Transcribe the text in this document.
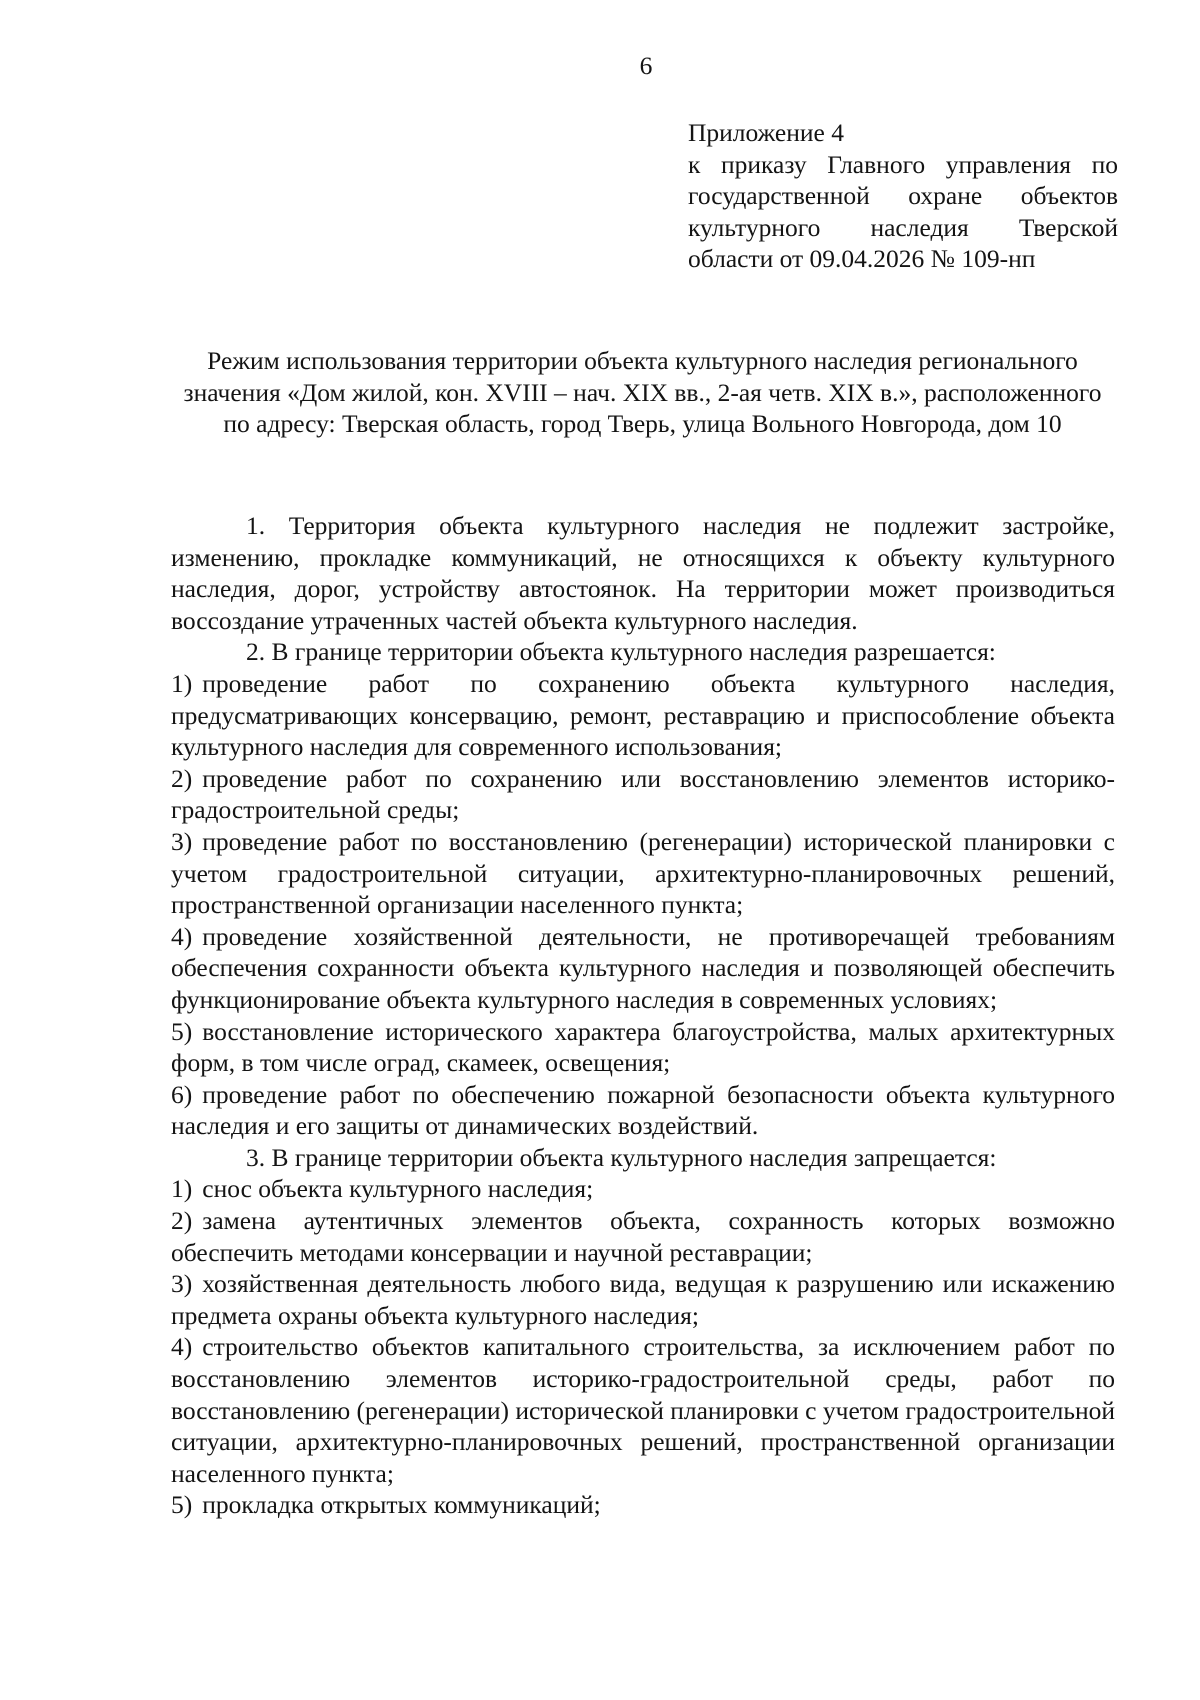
6
Приложение 4
к приказу Главного управления по
государственной охране объектов
культурного наследия Тверской
области от 09.04.2026 № 109-нп
Режим использования территории объекта культурного наследия регионального значения «Дом жилой, кон. XVIII – нач. XIX вв., 2-ая четв. XIX в.», расположенного по адресу: Тверская область, город Тверь, улица Вольного Новгорода, дом 10

1. Территория объекта культурного наследия не подлежит застройке, изменению, прокладке коммуникаций, не относящихся к объекту культурного наследия, дорог, устройству автостоянок. На территории может производиться воссоздание утраченных частей объекта культурного наследия.

2. В границе территории объекта культурного наследия разрешается:

1) проведение работ по сохранению объекта культурного наследия, предусматривающих консервацию, ремонт, реставрацию и приспособление объекта культурного наследия для современного использования;
2) проведение работ по сохранению или восстановлению элементов историко-градостроительной среды;
3) проведение работ по восстановлению (регенерации) исторической планировки с учетом градостроительной ситуации, архитектурно-планировочных решений, пространственной организации населенного пункта;
4) проведение хозяйственной деятельности, не противоречащей требованиям обеспечения сохранности объекта культурного наследия и позволяющей обеспечить функционирование объекта культурного наследия в современных условиях;
5) восстановление исторического характера благоустройства, малых архитектурных форм, в том числе оград, скамеек, освещения;
6) проведение работ по обеспечению пожарной безопасности объекта культурного наследия и его защиты от динамических воздействий.

3. В границе территории объекта культурного наследия запрещается:

1) снос объекта культурного наследия;
2) замена аутентичных элементов объекта, сохранность которых возможно обеспечить методами консервации и научной реставрации;
3) хозяйственная деятельность любого вида, ведущая к разрушению или искажению предмета охраны объекта культурного наследия;
4) строительство объектов капитального строительства, за исключением работ по восстановлению элементов историко-градостроительной среды, работ по восстановлению (регенерации) исторической планировки с учетом градостроительной ситуации, архитектурно-планировочных решений, пространственной организации населенного пункта;
5) прокладка открытых коммуникаций;
